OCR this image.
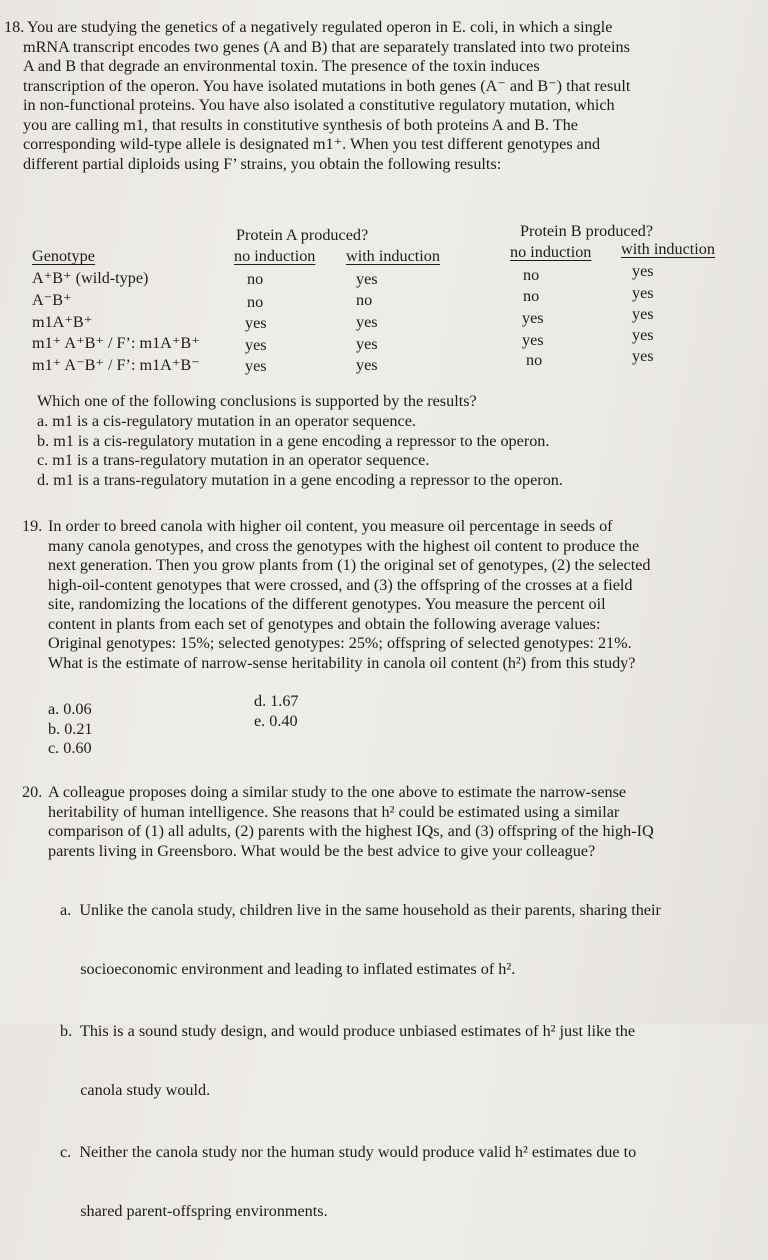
18. You are studying the genetics of a negatively regulated operon in E. coli, in which a single
mRNA transcript encodes two genes (A and B) that are separately translated into two proteins
A and B that degrade an environmental toxin. The presence of the toxin induces
transcription of the operon. You have isolated mutations in both genes (A⁻ and B⁻) that result
in non-functional proteins. You have also isolated a constitutive regulatory mutation, which
you are calling m1, that results in constitutive synthesis of both proteins A and B. The
corresponding wild-type allele is designated m1⁺. When you test different genotypes and
different partial diploids using F’ strains, you obtain the following results:
Protein A produced?	Protein B produced?
Genotype	no induction with induction	no induction with induction
A⁺B⁺ (wild-type)	no	yes	no	yes
A⁻B⁺	no	no	no	yes
m1A⁺B⁺	yes	yes	yes	yes
m1⁺ A⁺B⁺ / F’: m1A⁺B⁺	yes	yes	yes	yes
m1⁺ A⁻B⁺ / F’: m1A⁺B⁻	yes	yes	no	yes
Which one of the following conclusions is supported by the results?
a. m1 is a cis-regulatory mutation in an operator sequence.
b. m1 is a cis-regulatory mutation in a gene encoding a repressor to the operon.
c. m1 is a trans-regulatory mutation in an operator sequence.
d. m1 is a trans-regulatory mutation in a gene encoding a repressor to the operon.
19. In order to breed canola with higher oil content, you measure oil percentage in seeds of
many canola genotypes, and cross the genotypes with the highest oil content to produce the
next generation. Then you grow plants from (1) the original set of genotypes, (2) the selected
high-oil-content genotypes that were crossed, and (3) the offspring of the crosses at a field
site, randomizing the locations of the different genotypes. You measure the percent oil
content in plants from each set of genotypes and obtain the following average values:
Original genotypes: 15%; selected genotypes: 25%; offspring of selected genotypes: 21%.
What is the estimate of narrow-sense heritability in canola oil content (h²) from this study?
a. 0.06
b. 0.21
c. 0.60
d. 1.67
e. 0.40
20. A colleague proposes doing a similar study to the one above to estimate the narrow-sense
heritability of human intelligence. She reasons that h² could be estimated using a similar
comparison of (1) all adults, (2) parents with the highest IQs, and (3) offspring of the high-IQ
parents living in Greensboro. What would be the best advice to give your colleague?

a.  Unlike the canola study, children live in the same household as their parents, sharing their

socioeconomic environment and leading to inflated estimates of h².

b.  This is a sound study design, and would produce unbiased estimates of h² just like the

canola study would.

c.  Neither the canola study nor the human study would produce valid h² estimates due to

shared parent-offspring environments.
